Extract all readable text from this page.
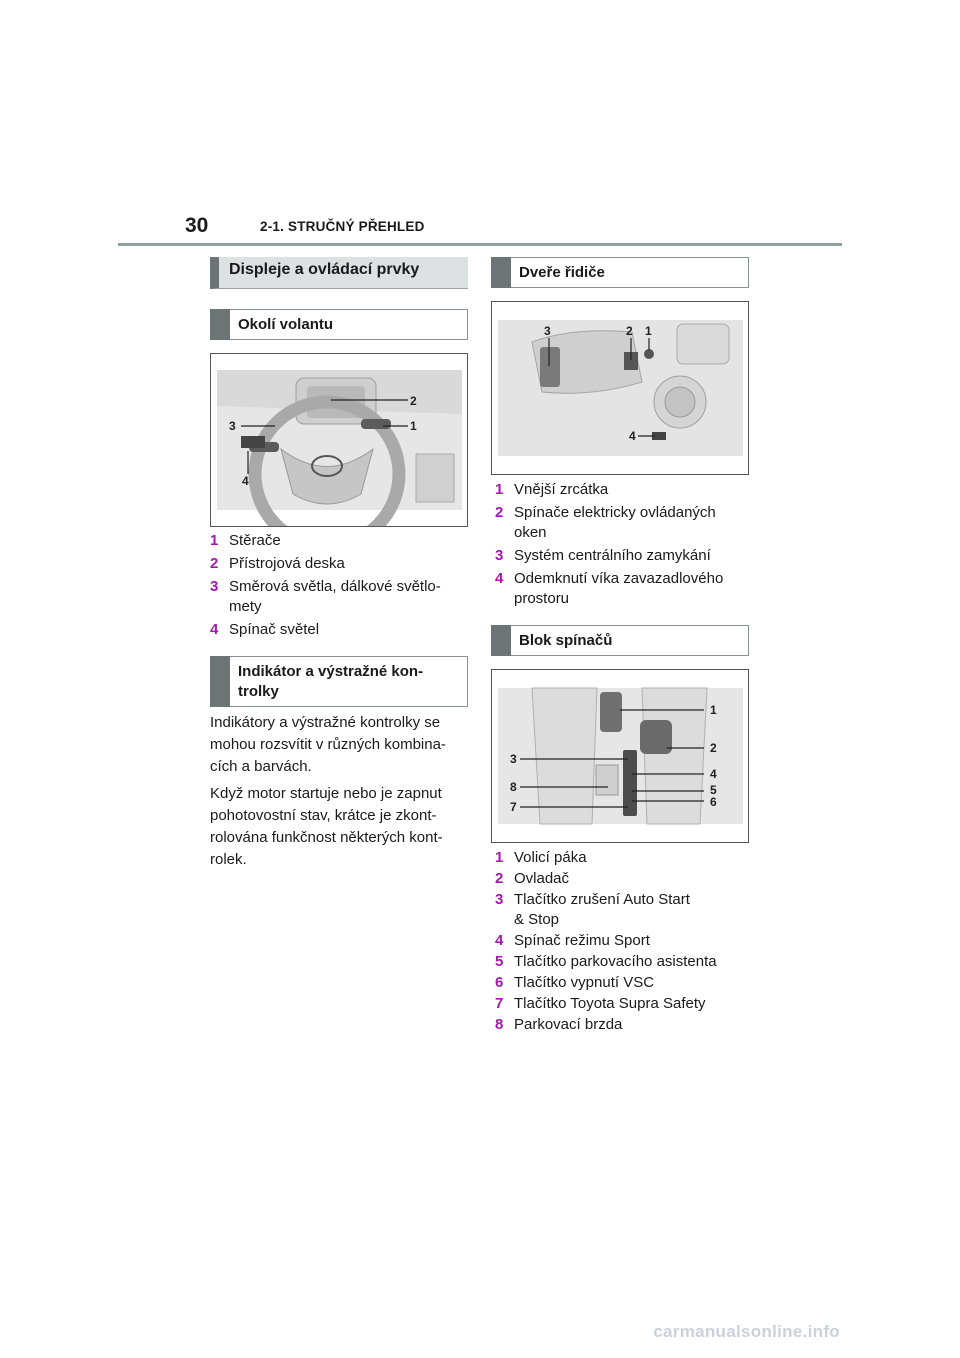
30	2-1. STRUČNÝ PŘEHLED
Displeje a ovládací prvky
Okolí volantu
2
1
3
4
1 Stěrače
2 Přístrojová deska
3 Směrová světla, dálkové světlo-mety
4 Spínač světel
Indikátor a výstražné kon-trolky
Indikátory a výstražné kontrolky se mohou rozsvítit v různých kombina-cích a barvách.
Když motor startuje nebo je zapnut pohotovostní stav, krátce je zkont-rolována funkčnost některých kont-rolek.
Dveře řidiče
3	2 1
4
1 Vnější zrcátka
2 Spínače elektricky ovládaných oken
3 Systém centrálního zamykání
4 Odemknutí víka zavazadlového prostoru
Blok spínačů
1
2
3
4
5
6
7
8
1 Volicí páka
2 Ovladač
3 Tlačítko zrušení Auto Start & Stop
4 Spínač režimu Sport
5 Tlačítko parkovacího asistenta
6 Tlačítko vypnutí VSC
7 Tlačítko Toyota Supra Safety
8 Parkovací brzda
carmanualsonline.info
